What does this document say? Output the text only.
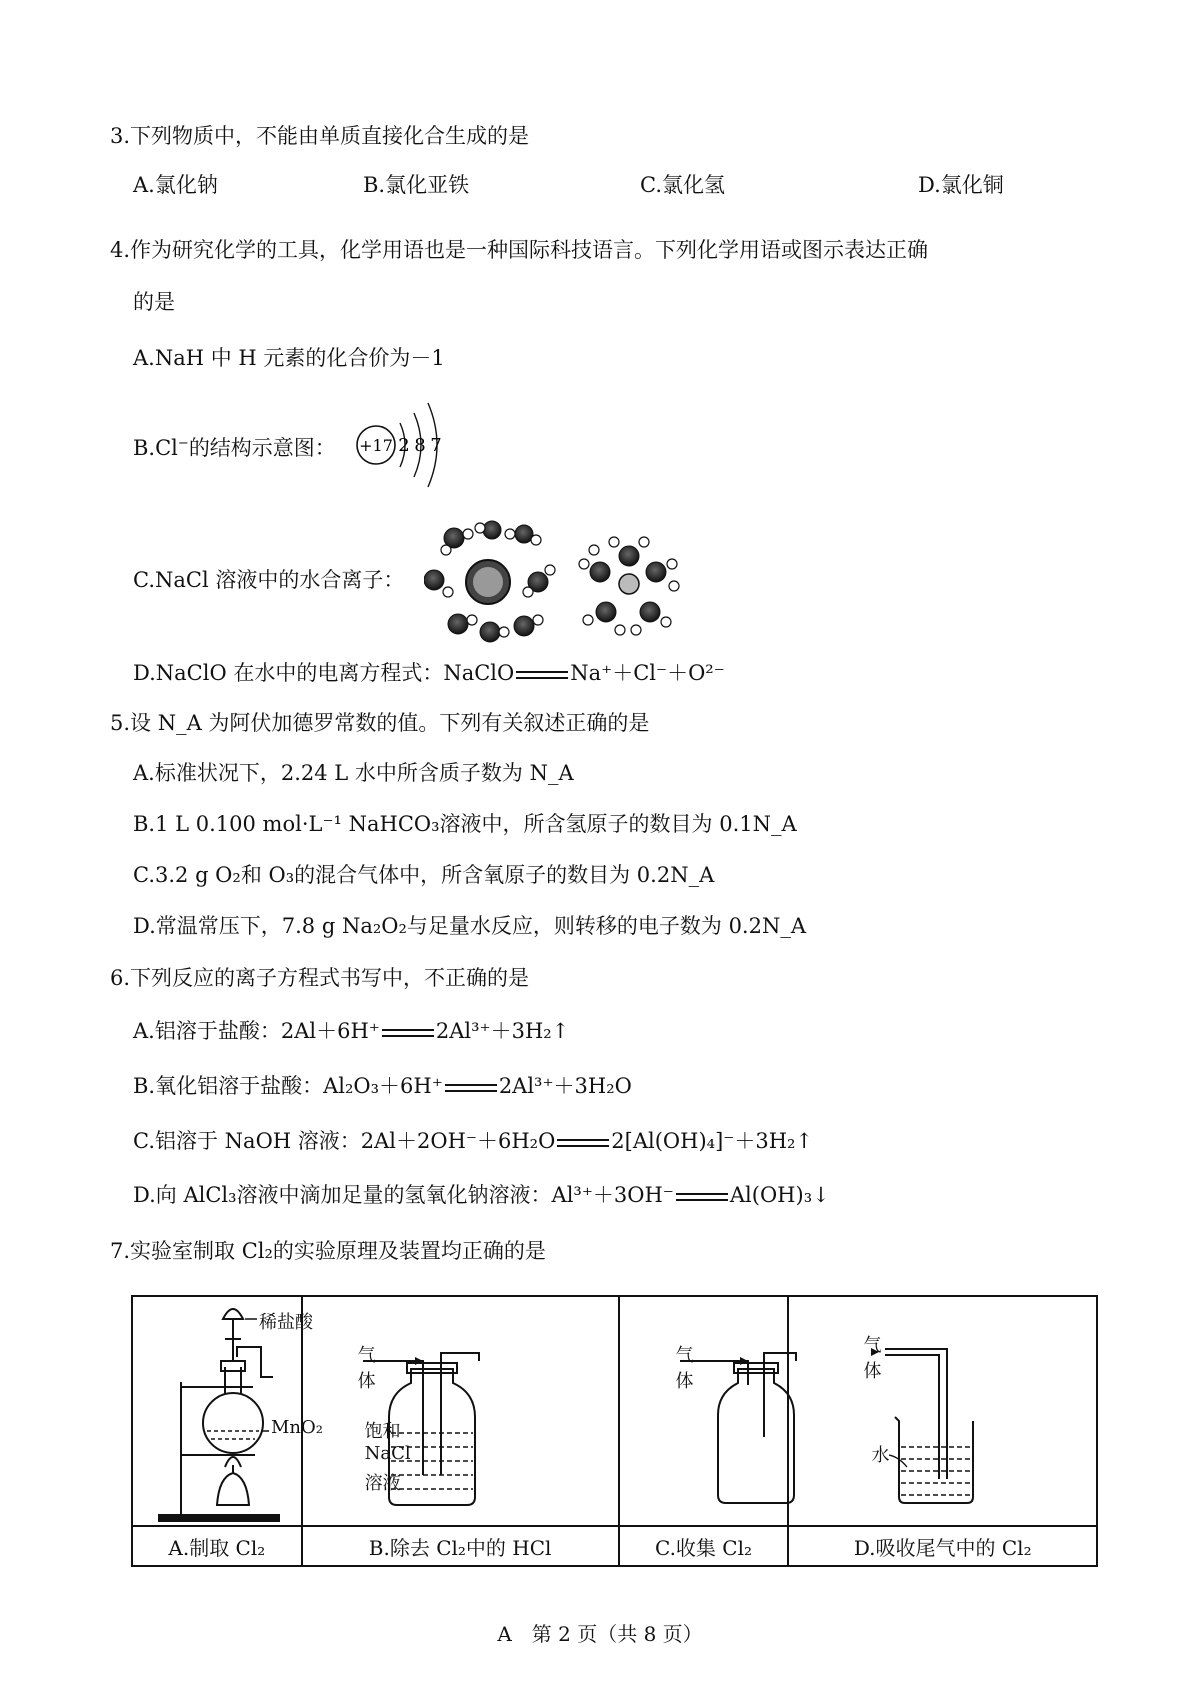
3.下列物质中，不能由单质直接化合生成的是
A.氯化钠	B.氯化亚铁	C.氯化氢	D.氯化铜
4.作为研究化学的工具，化学用语也是一种国际科技语言。下列化学用语或图示表达正确
的是
A.NaH 中 H 元素的化合价为－1
B.Cl−的结构示意图： +17 2 8 7
C.NaCl 溶液中的水合离子：
D.NaClO 在水中的电离方程式：NaClO	Na⁺＋Cl⁻＋O²⁻
5.设 N_A 为阿伏加德罗常数的值。下列有关叙述正确的是
A.标准状况下，2.24 L 水中所含质子数为 N_A
B.1 L 0.100 mol·L⁻¹ NaHCO₃溶液中，所含氢原子的数目为 0.1N_A
C.3.2 g O₂和 O₃的混合气体中，所含氧原子的数目为 0.2N_A
D.常温常压下，7.8 g Na₂O₂与足量水反应，则转移的电子数为 0.2N_A
6.下列反应的离子方程式书写中，不正确的是
A.铝溶于盐酸：2Al＋6H⁺	2Al³⁺＋3H₂↑
B.氧化铝溶于盐酸：Al₂O₃＋6H⁺	2Al³⁺＋3H₂O
C.铝溶于 NaOH 溶液：2Al＋2OH⁻＋6H₂O	2[Al(OH)₄]⁻＋3H₂↑
D.向 AlCl₃溶液中滴加足量的氢氧化钠溶液：Al³⁺＋3OH⁻	Al(OH)₃↓
7.实验室制取 Cl₂的实验原理及装置均正确的是
稀盐酸
MnO₂	气
体
饱和
NaCl
溶液	气
体	气
体
水

A.制取 Cl₂	B.除去 Cl₂中的 HCl	C.收集 Cl₂	D.吸收尾气中的 Cl₂
A　第 2 页（共 8 页）
